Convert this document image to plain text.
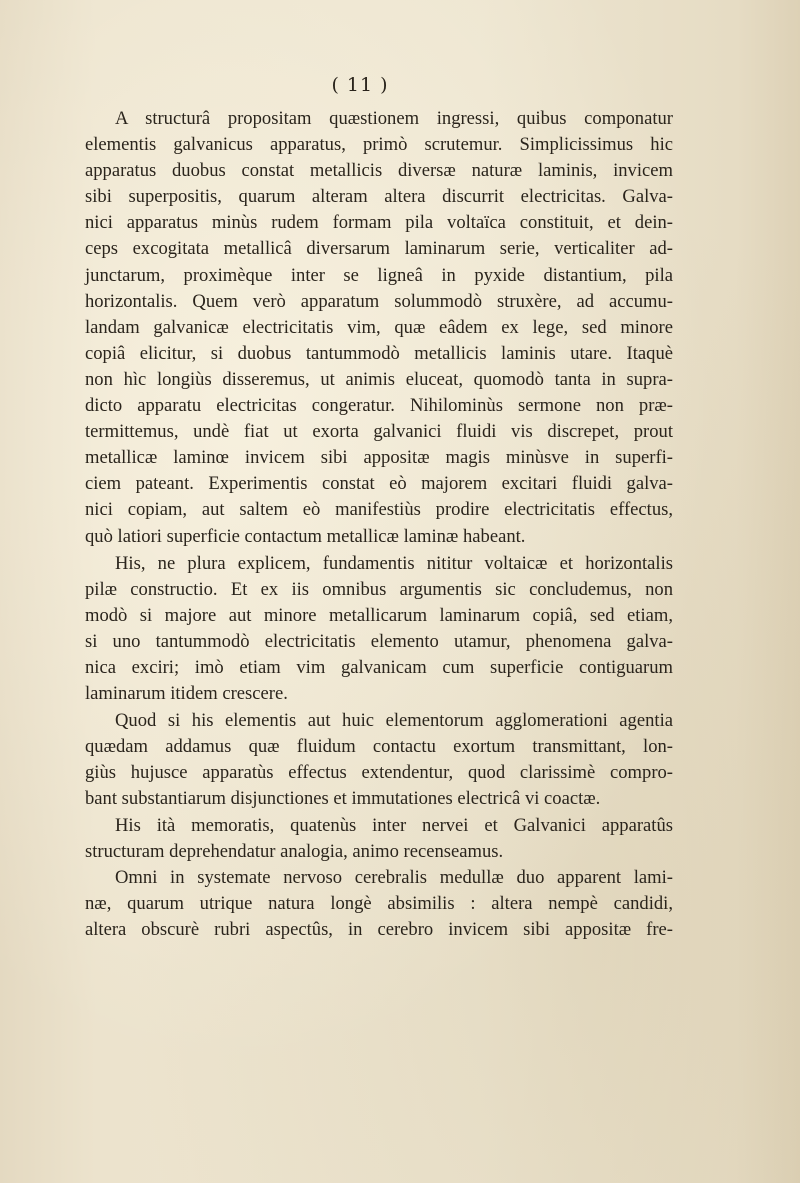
( 11 )

A structurâ propositam quæstionem ingressi, quibus componatur

elementis galvanicus apparatus, primò scrutemur. Simplicissimus hic

apparatus duobus constat metallicis diversæ naturæ laminis, invicem

sibi superpositis, quarum alteram altera discurrit electricitas. Galva-

nici apparatus minùs rudem formam pila voltaïca constituit, et dein-

ceps excogitata metallicâ diversarum laminarum serie, verticaliter ad-

junctarum, proximèque inter se ligneâ in pyxide distantium, pila

horizontalis. Quem verò apparatum solummodò struxère, ad accumu-

landam galvanicæ electricitatis vim, quæ eâdem ex lege, sed minore

copiâ elicitur, si duobus tantummodò metallicis laminis utare. Itaquè

non hìc longiùs disseremus, ut animis eluceat, quomodò tanta in supra-

dicto apparatu electricitas congeratur. Nihilominùs sermone non præ-

termittemus, undè fiat ut exorta galvanici fluidi vis discrepet, prout

metallicæ laminœ invicem sibi appositæ magis minùsve in superfi-

ciem pateant. Experimentis constat eò majorem excitari fluidi galva-

nici copiam, aut saltem eò manifestiùs prodire electricitatis effectus,

quò latiori superficie contactum metallicæ laminæ habeant.

His, ne plura explicem, fundamentis nititur voltaicæ et horizontalis

pilæ constructio. Et ex iis omnibus argumentis sic concludemus, non

modò si majore aut minore metallicarum laminarum copiâ, sed etiam,

si uno tantummodò electricitatis elemento utamur, phenomena galva-

nica exciri; imò etiam vim galvanicam cum superficie contiguarum

laminarum itidem crescere.

Quod si his elementis aut huic elementorum agglomerationi agentia

quædam addamus quæ fluidum contactu exortum transmittant, lon-

giùs hujusce apparatùs effectus extendentur, quod clarissimè compro-

bant substantiarum disjunctiones et immutationes electricâ vi coactæ.

His ità memoratis, quatenùs inter nervei et Galvanici apparatûs

structuram deprehendatur analogia, animo recenseamus.

Omni in systemate nervoso cerebralis medullæ duo apparent lami-

næ, quarum utrique natura longè absimilis : altera nempè candidi,

altera obscurè rubri aspectûs, in cerebro invicem sibi appositæ fre-
